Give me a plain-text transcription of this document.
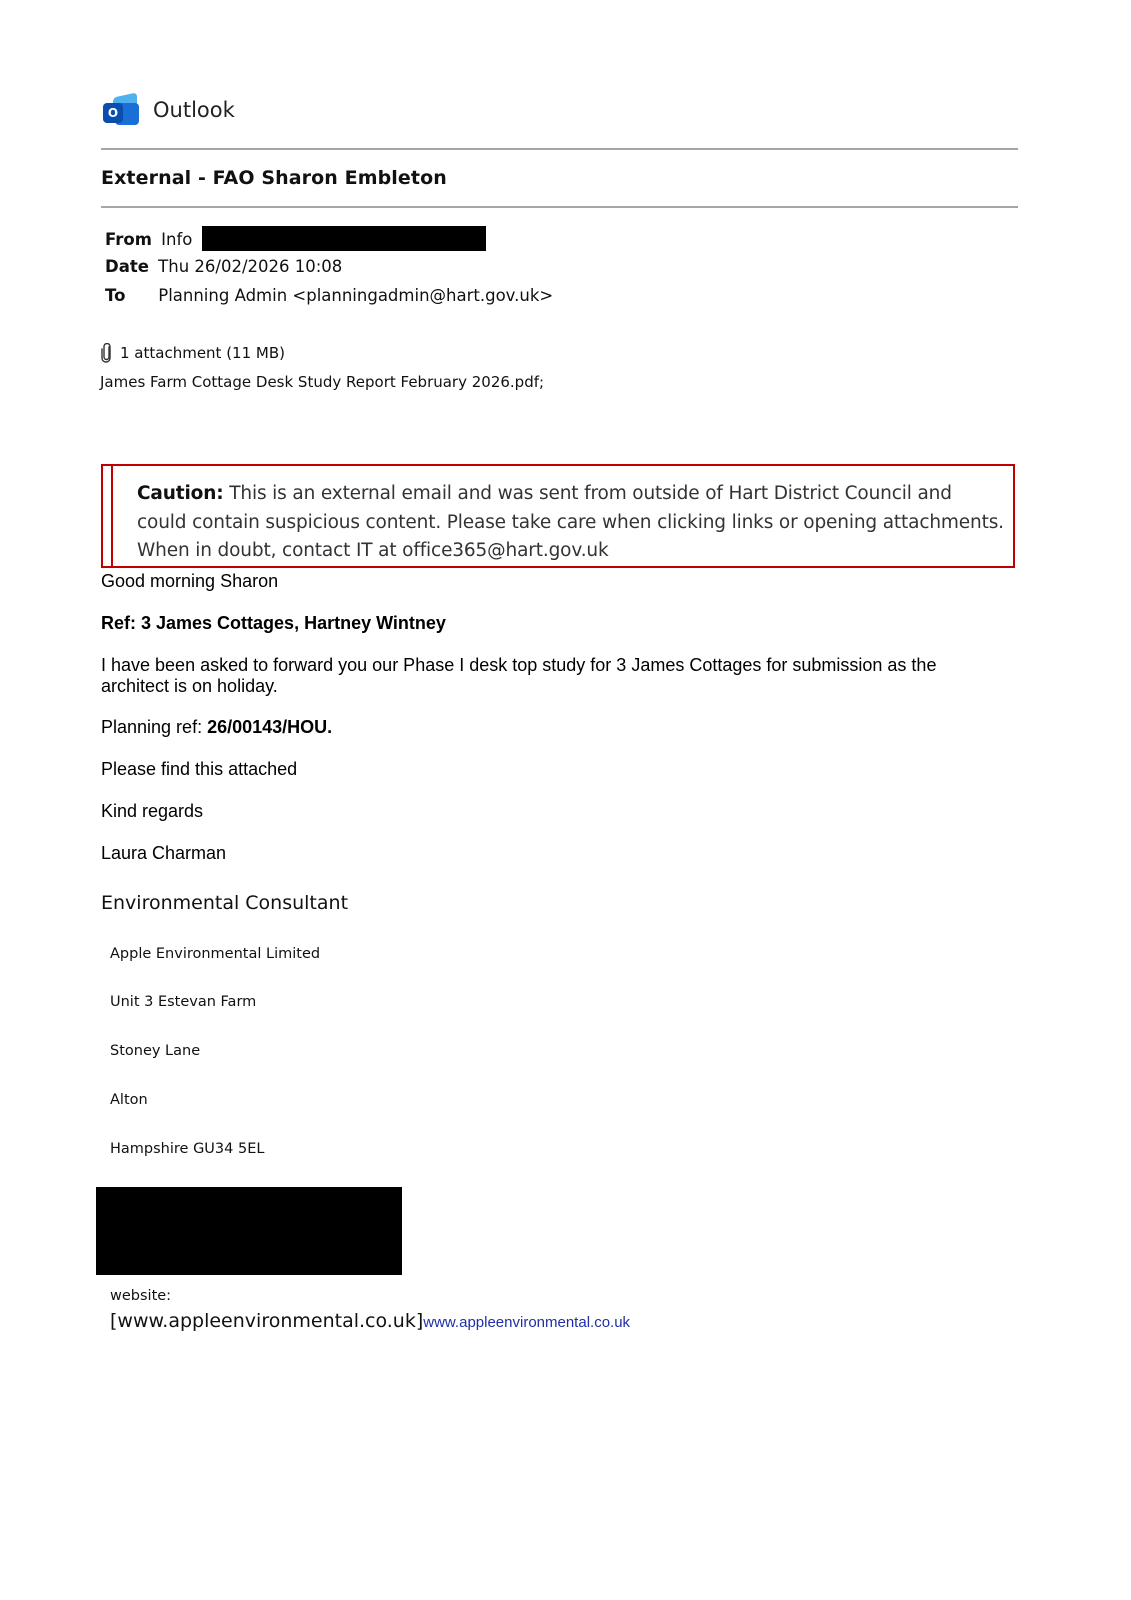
O Outlook
External - FAO Sharon Embleton
From Info
Date Thu 26/02/2026 10:08
To Planning Admin <planningadmin@hart.gov.uk>
1 attachment (11 MB)
James Farm Cottage Desk Study Report February 2026.pdf;
Caution: This is an external email and was sent from outside of Hart District Council and could contain suspicious content. Please take care when clicking links or opening attachments. When in doubt, contact IT at office365@hart.gov.uk
Good morning Sharon
Ref: 3 James Cottages, Hartney Wintney
I have been asked to forward you our Phase I desk top study for 3 James Cottages for submission as the architect is on holiday.
Planning ref: 26/00143/HOU.
Please find this attached
Kind regards
Laura Charman
Environmental Consultant
Apple Environmental Limited
Unit 3 Estevan Farm
Stoney Lane
Alton
Hampshire GU34 5EL
website:
[www.appleenvironmental.co.uk]www.appleenvironmental.co.uk
